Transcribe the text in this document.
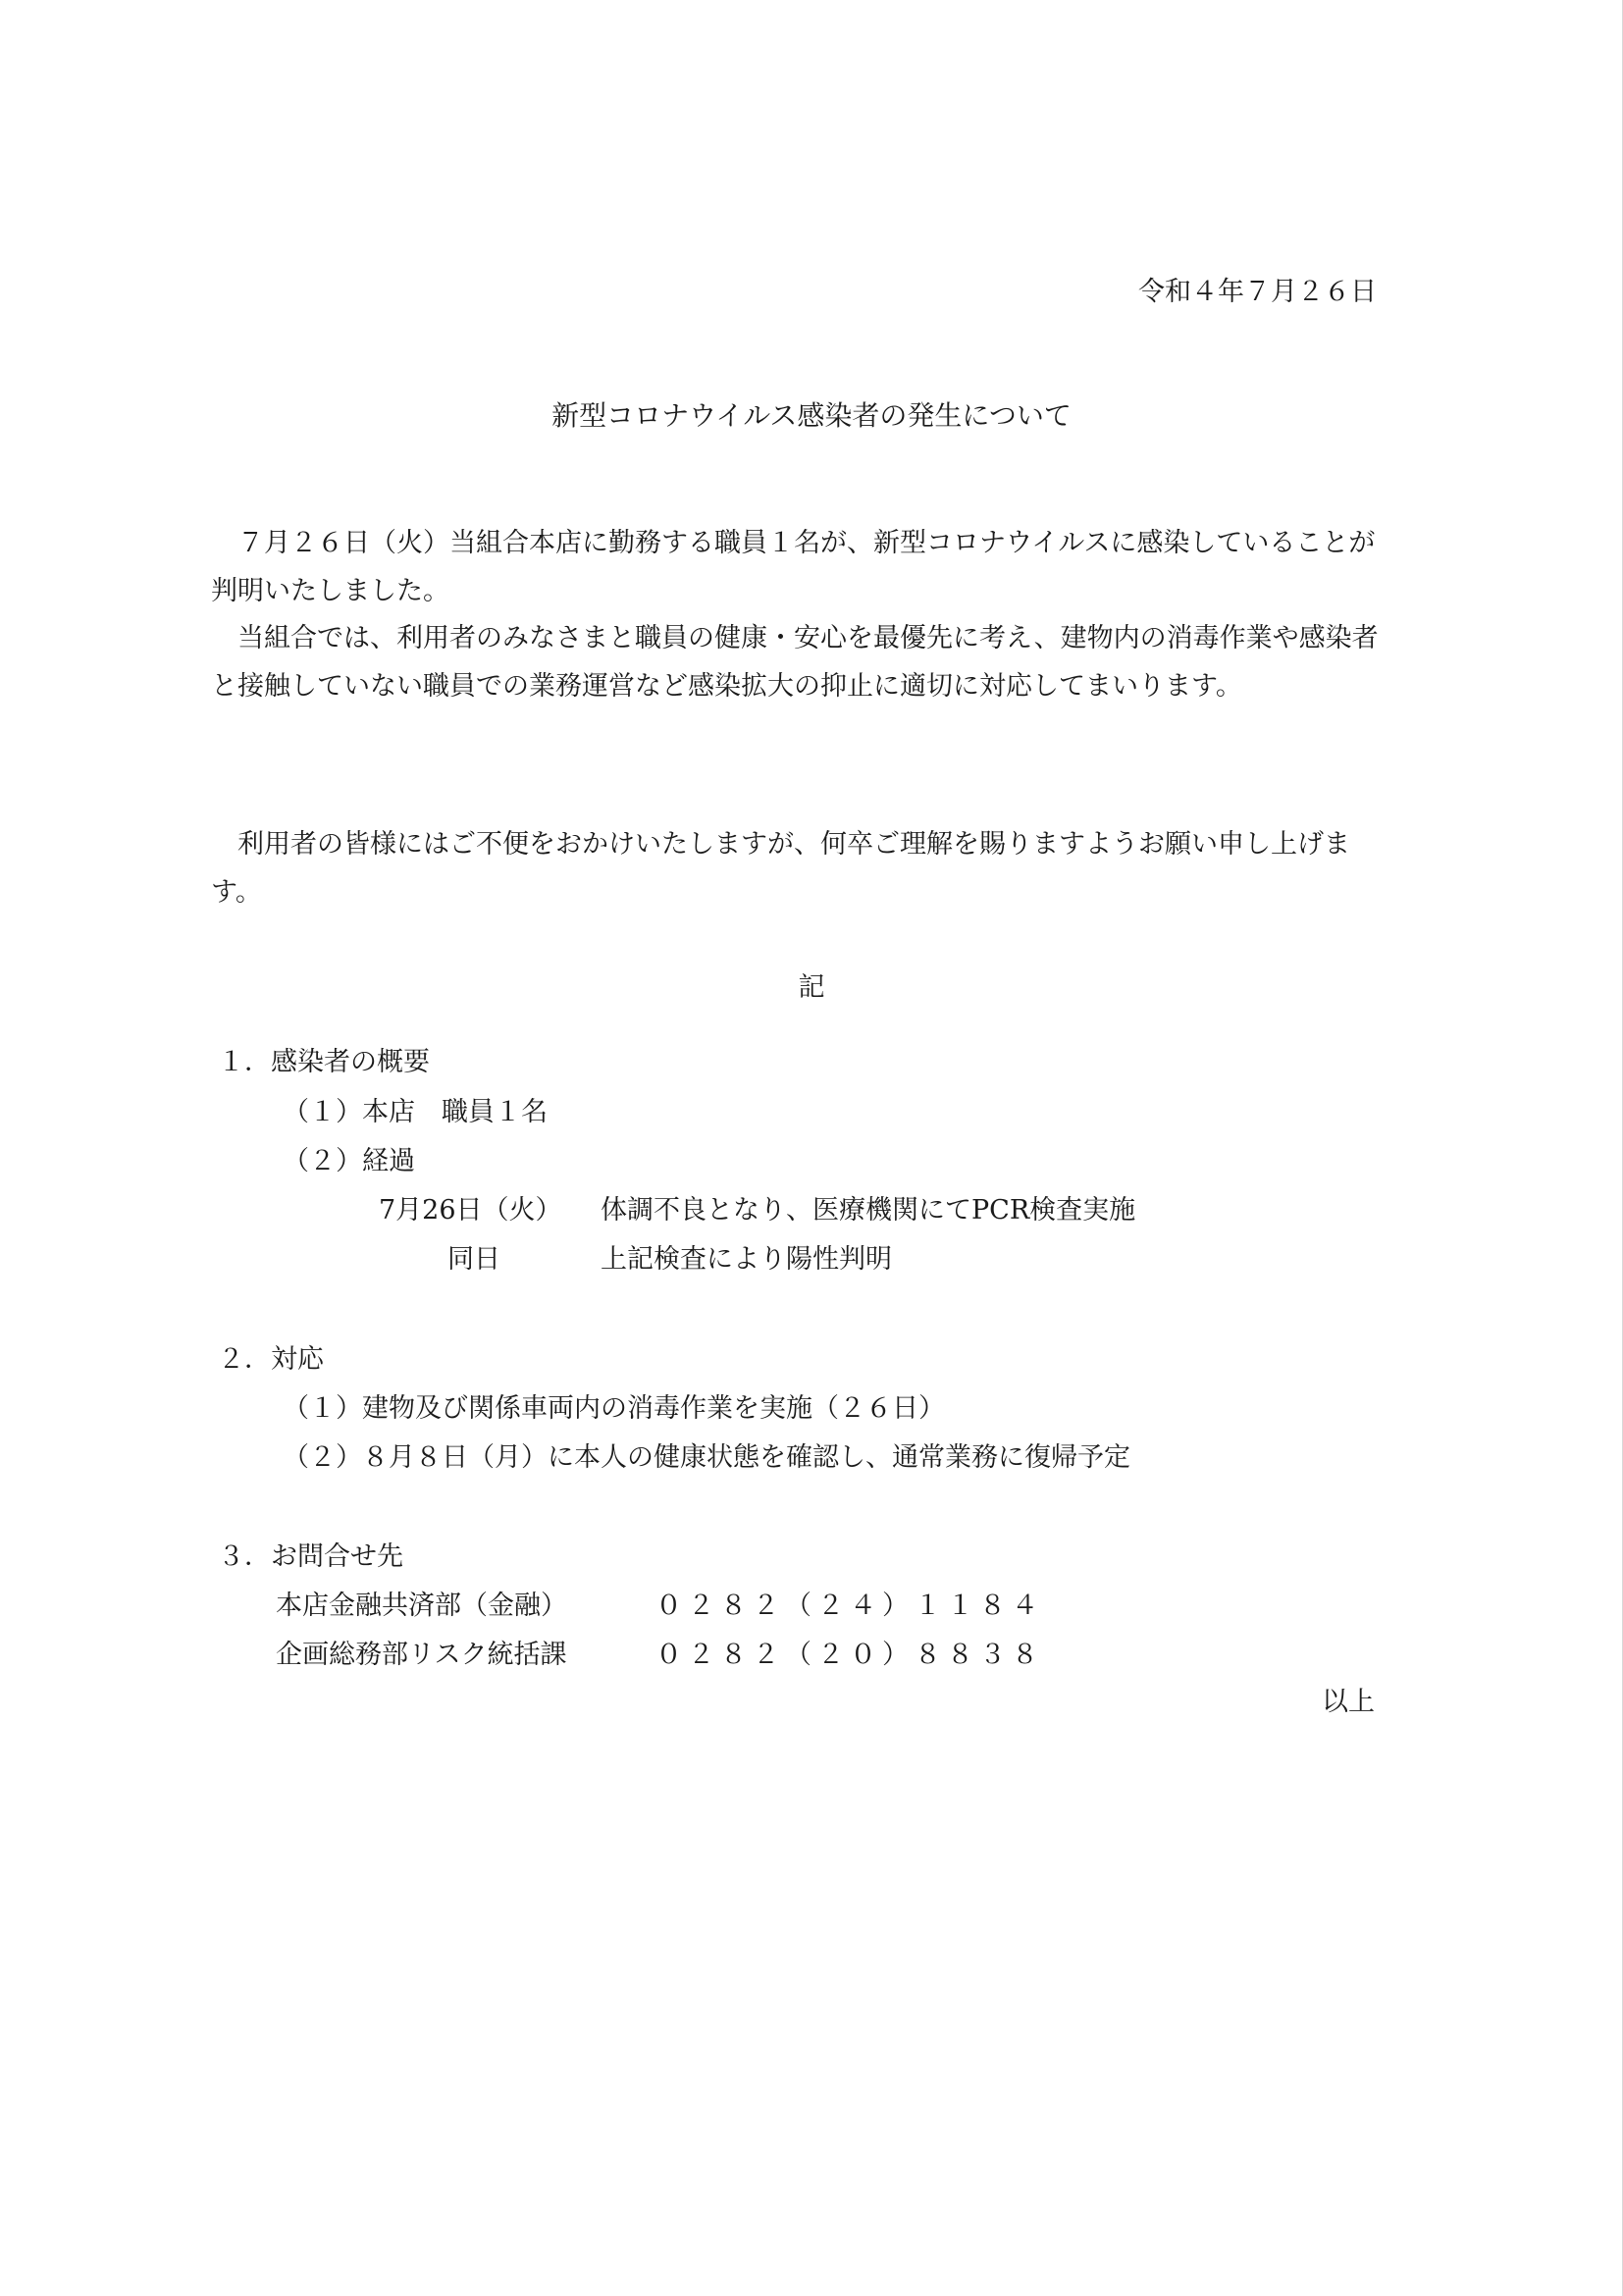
令和４年７月２６日
新型コロナウイルス感染者の発生について
７月２６日（火）当組合本店に勤務する職員１名が、新型コロナウイルスに感染していることが判明いたしました。
当組合では、利用者のみなさまと職員の健康・安心を最優先に考え、建物内の消毒作業や感染者と接触していない職員での業務運営など感染拡大の抑止に適切に対応してまいります。
利用者の皆様にはご不便をおかけいたしますが、何卒ご理解を賜りますようお願い申し上げます。
記
１．感染者の概要
（１）本店　職員１名
（２）経過
7月26日（火） 体調不良となり、医療機関にてPCR検査実施
同日	上記検査により陽性判明
２．対応
（１）建物及び関係車両内の消毒作業を実施（２６日）
（２）８月８日（月）に本人の健康状態を確認し、通常業務に復帰予定
３．お問合せ先
本店金融共済部（金融）	０２８２（２４）１１８４
企画総務部リスク統括課	０２８２（２０）８８３８
以上
